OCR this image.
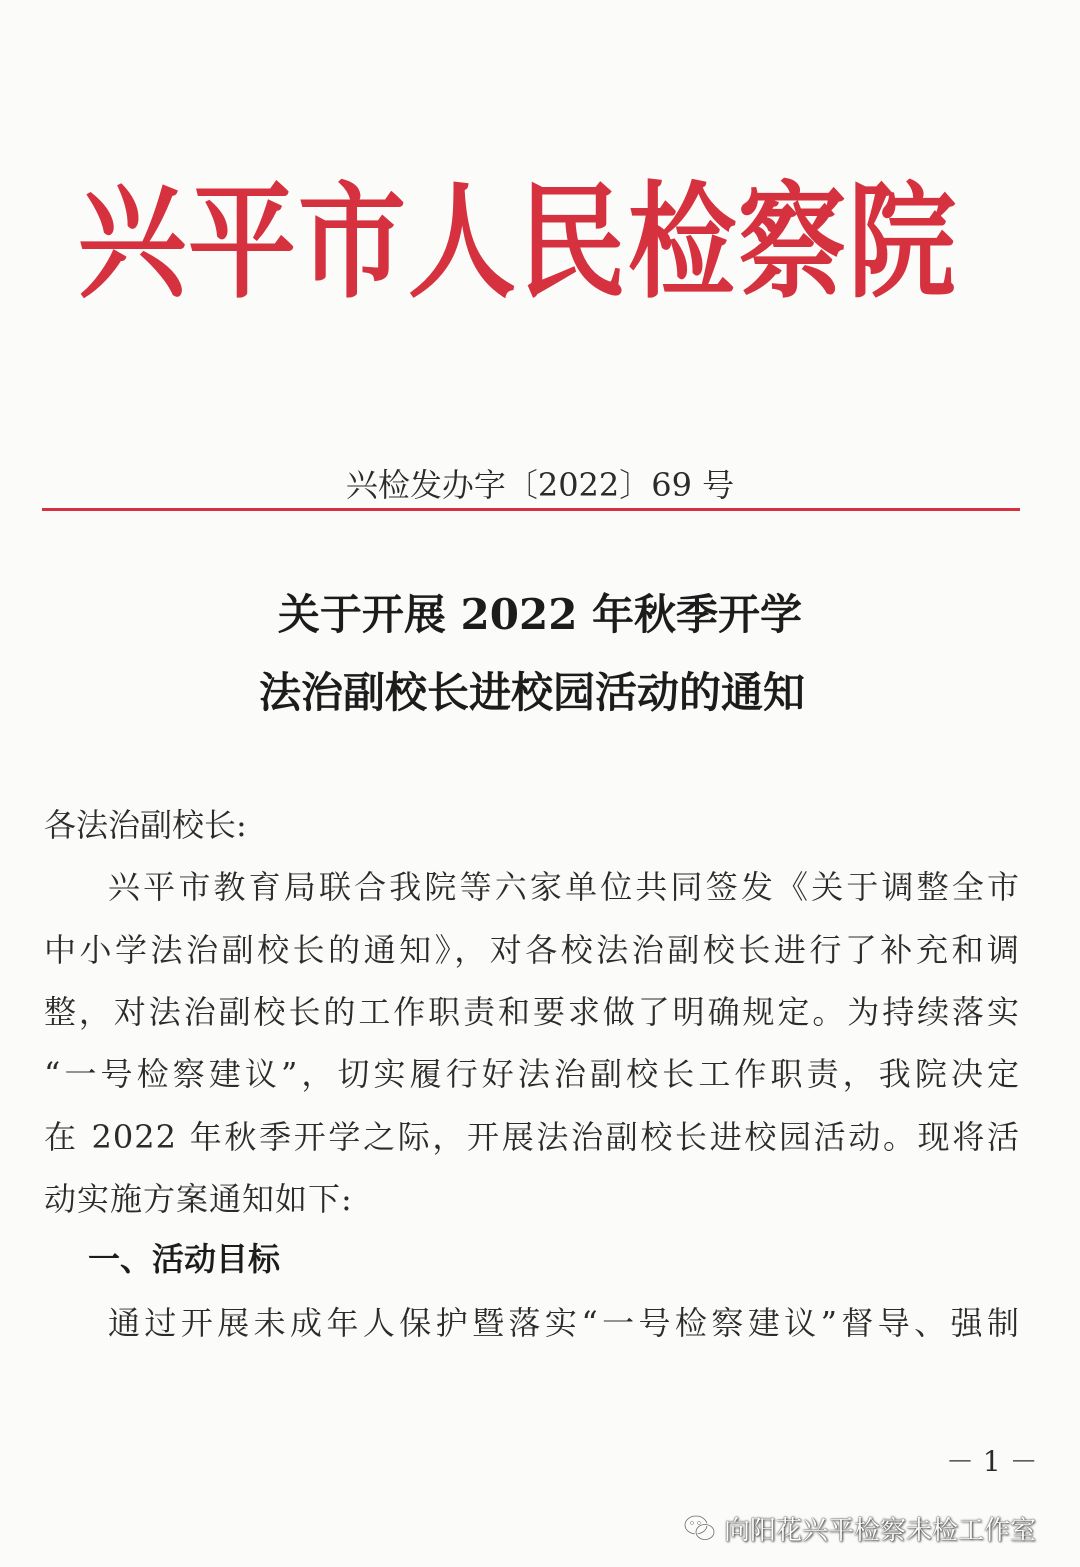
兴平市人民检察院
兴检发办字〔2022〕69 号
关于开展 2022 年秋季开学
法治副校长进校园活动的通知
各法治副校长:
兴平市教育局联合我院等六家单位共同签发《关于调整全市
中小学法治副校长的通知》，对各校法治副校长进行了补充和调
整，对法治副校长的工作职责和要求做了明确规定。为持续落实
“一号检察建议”，切实履行好法治副校长工作职责，我院决定
在 2022 年秋季开学之际，开展法治副校长进校园活动。现将活
动实施方案通知如下:
一、活动目标
通过开展未成年人保护暨落实“一号检察建议”督导、强制
－ 1 －
向阳花兴平检察未检工作室
